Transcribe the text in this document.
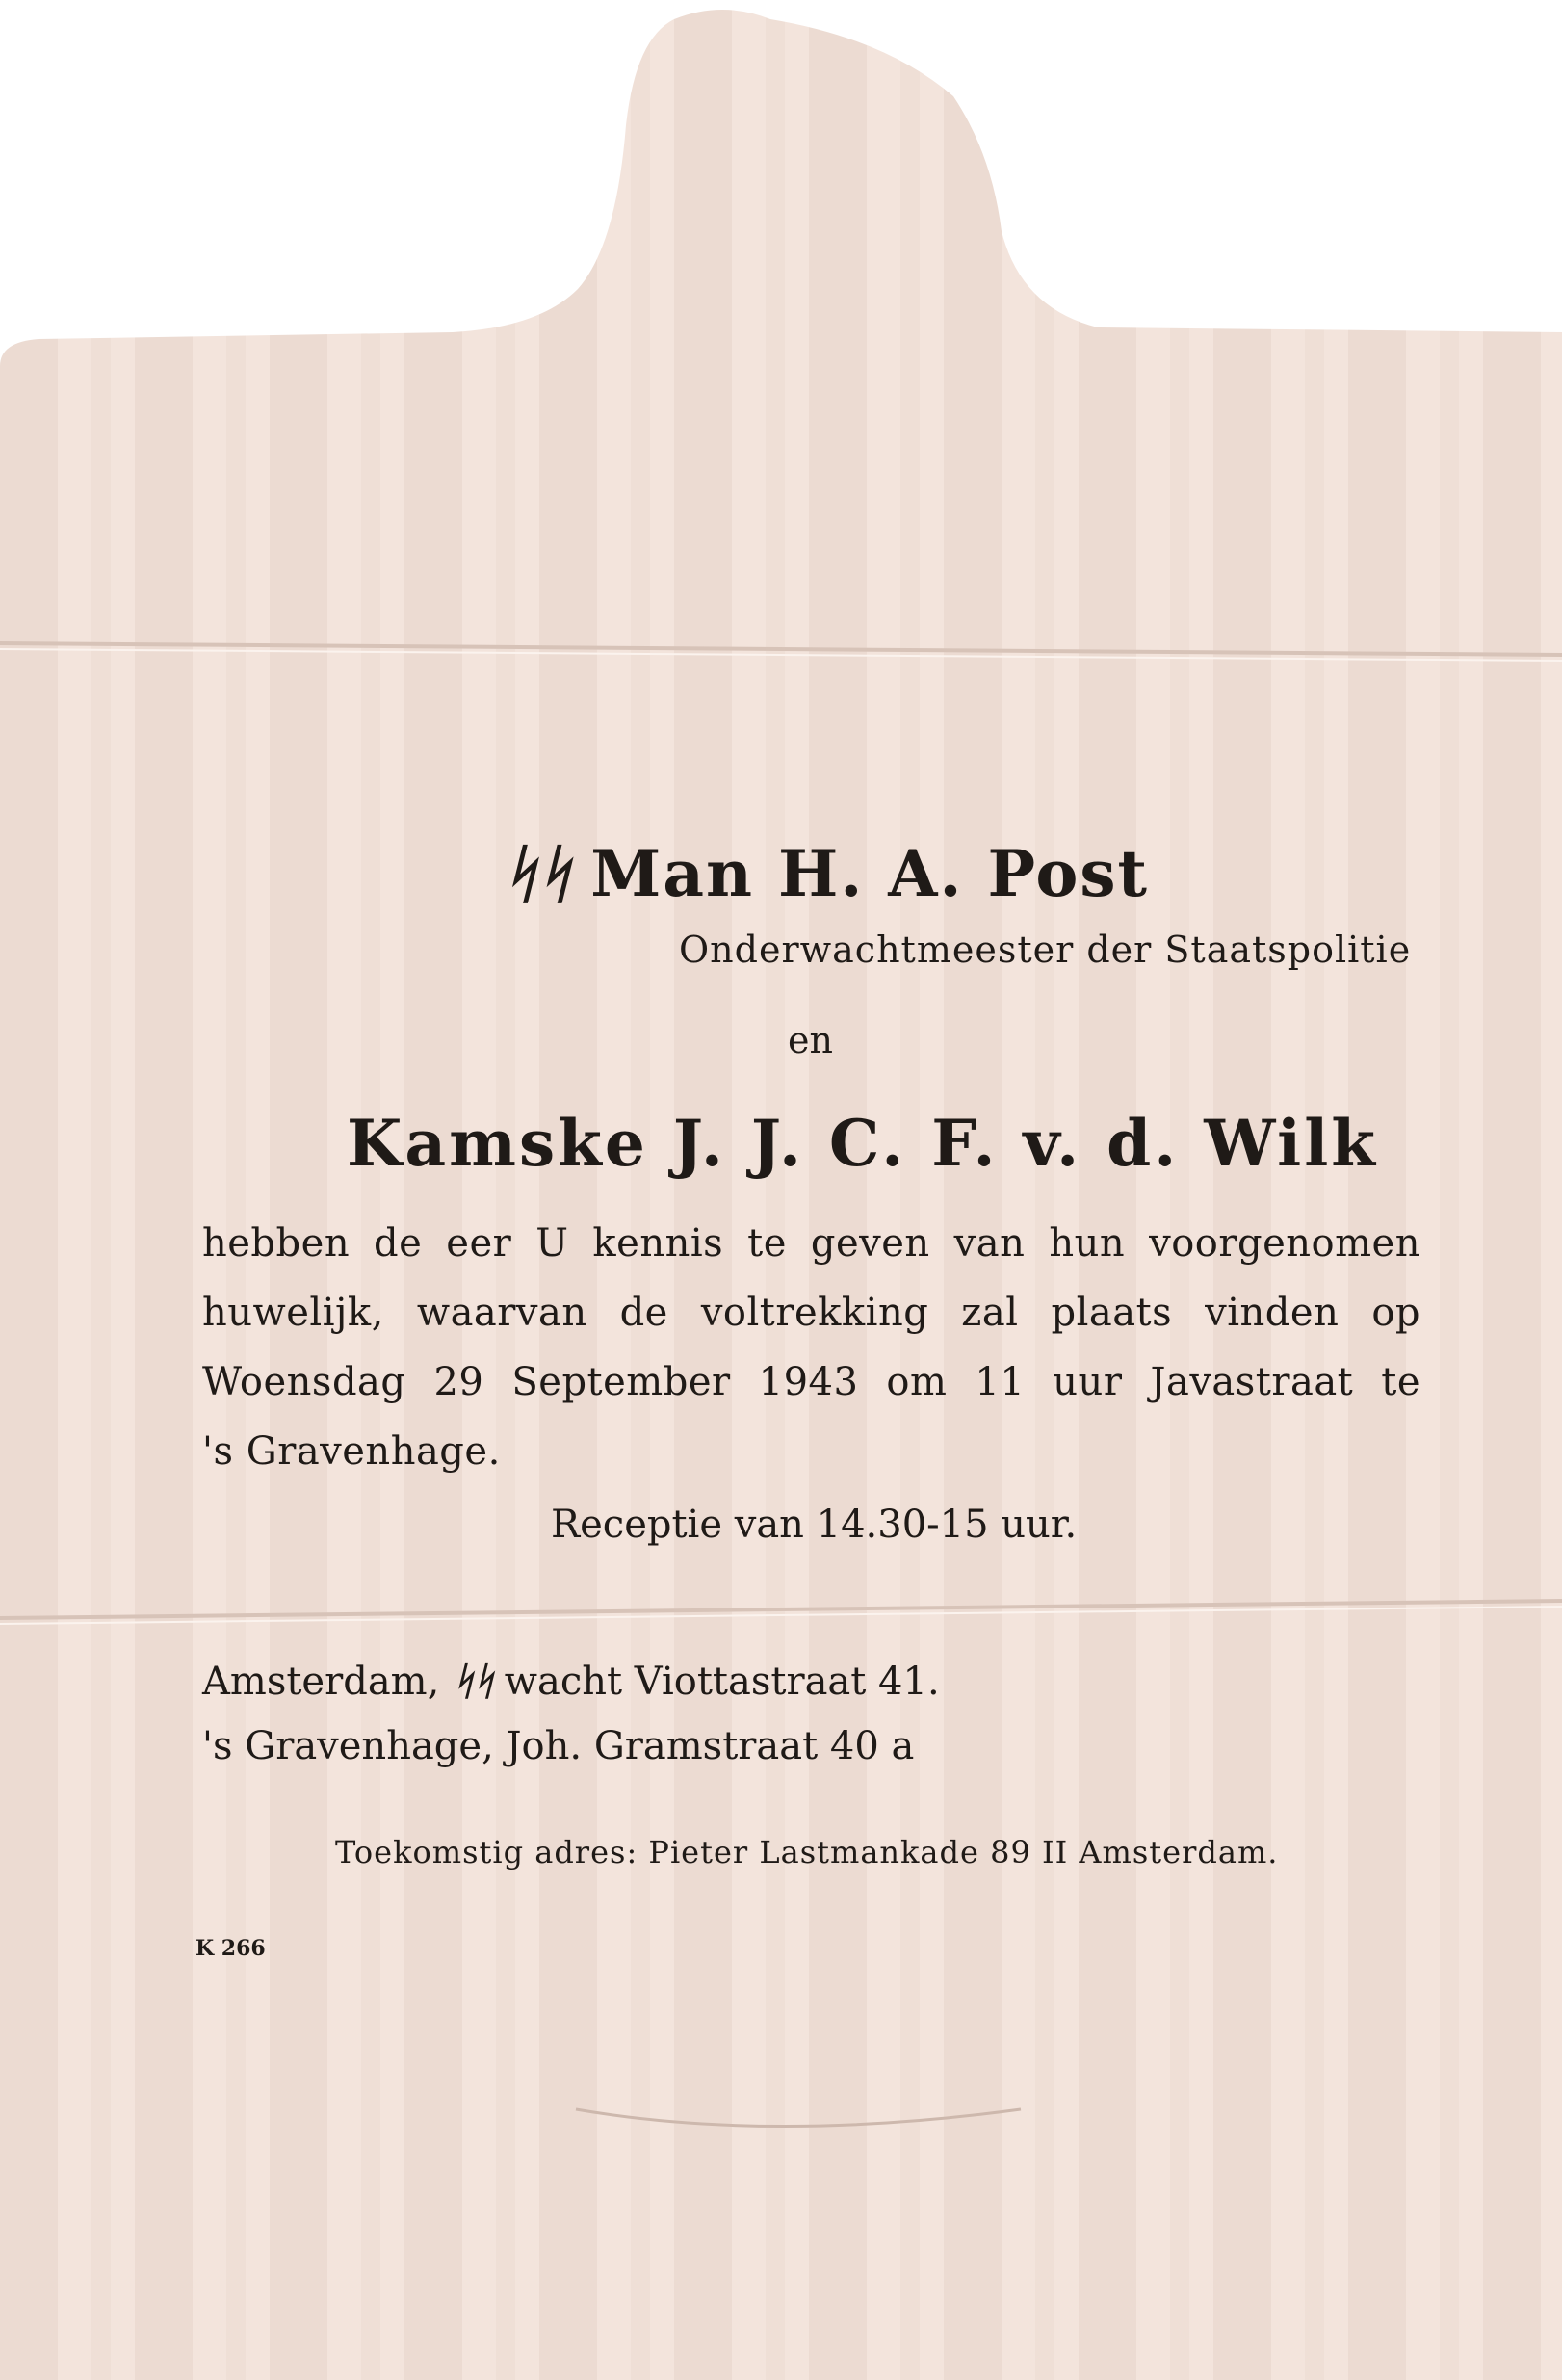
ᛋᛋ Man H. A. Post
Onderwachtmeester der Staatspolitie
en
Kamske J. J. C. F. v. d. Wilk
hebben de eer U kennis te geven van hun voorgenomen
huwelijk, waarvan de voltrekking zal plaats vinden op
Woensdag 29 September 1943 om 11 uur Javastraat te
's Gravenhage.
Receptie van 14.30-15 uur.
Amsterdam, ᛋᛋ wacht Viottastraat 41.
's Gravenhage, Joh. Gramstraat 40 a
Toekomstig adres: Pieter Lastmankade 89 II Amsterdam.
K 266
